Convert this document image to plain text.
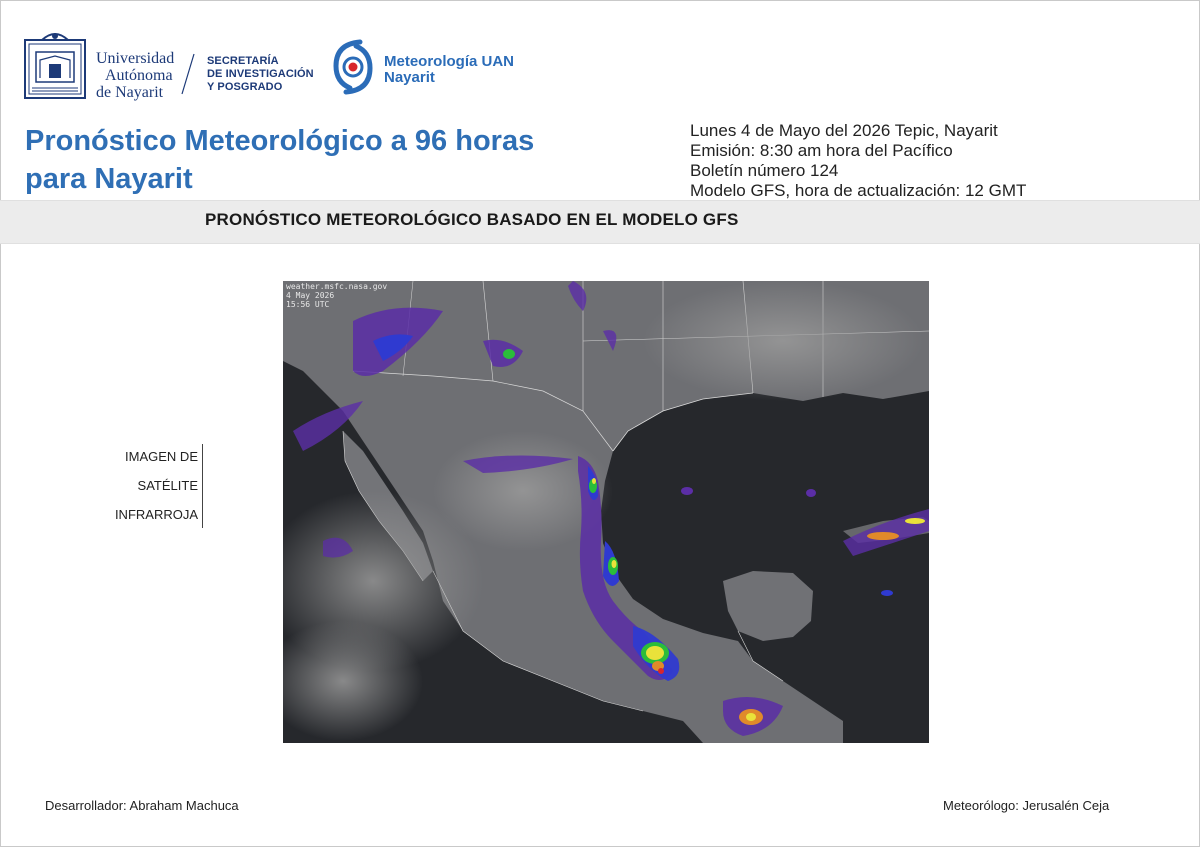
Universidad
Autónoma
de Nayarit
SECRETARÍA
DE INVESTIGACIÓN
Y POSGRADO
Meteorología UAN
Nayarit
Pronóstico Meteorológico a 96 horas
para Nayarit
Lunes 4 de Mayo del 2026 Tepic, Nayarit
Emisión: 8:30 am hora del Pacífico
Boletín número 124
Modelo GFS, hora de actualización: 12 GMT
PRONÓSTICO METEOROLÓGICO BASADO EN EL MODELO GFS
IMAGEN DE
SATÉLITE
INFRARROJA
weather.msfc.nasa.gov
4 May 2026
15:56 UTC
Desarrollador: Abraham Machuca	Meteorólogo: Jerusalén Ceja
